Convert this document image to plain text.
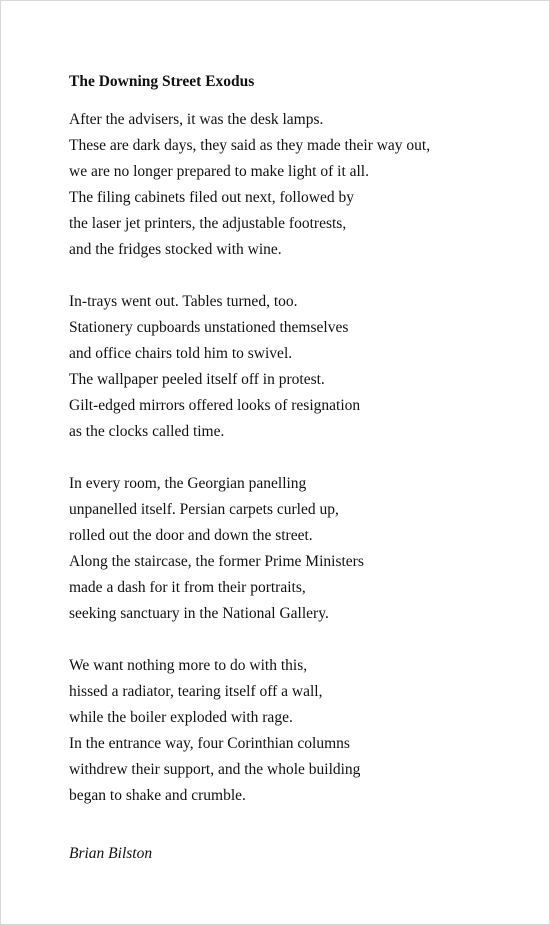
The Downing Street Exodus
After the advisers, it was the desk lamps.
These are dark days, they said as they made their way out,
we are no longer prepared to make light of it all.
The filing cabinets filed out next, followed by
the laser jet printers, the adjustable footrests,
and the fridges stocked with wine.
In-trays went out. Tables turned, too.
Stationery cupboards unstationed themselves
and office chairs told him to swivel.
The wallpaper peeled itself off in protest.
Gilt-edged mirrors offered looks of resignation
as the clocks called time.
In every room, the Georgian panelling
unpanelled itself. Persian carpets curled up,
rolled out the door and down the street.
Along the staircase, the former Prime Ministers
made a dash for it from their portraits,
seeking sanctuary in the National Gallery.
We want nothing more to do with this,
hissed a radiator, tearing itself off a wall,
while the boiler exploded with rage.
In the entrance way, four Corinthian columns
withdrew their support, and the whole building
began to shake and crumble.
Brian Bilston
